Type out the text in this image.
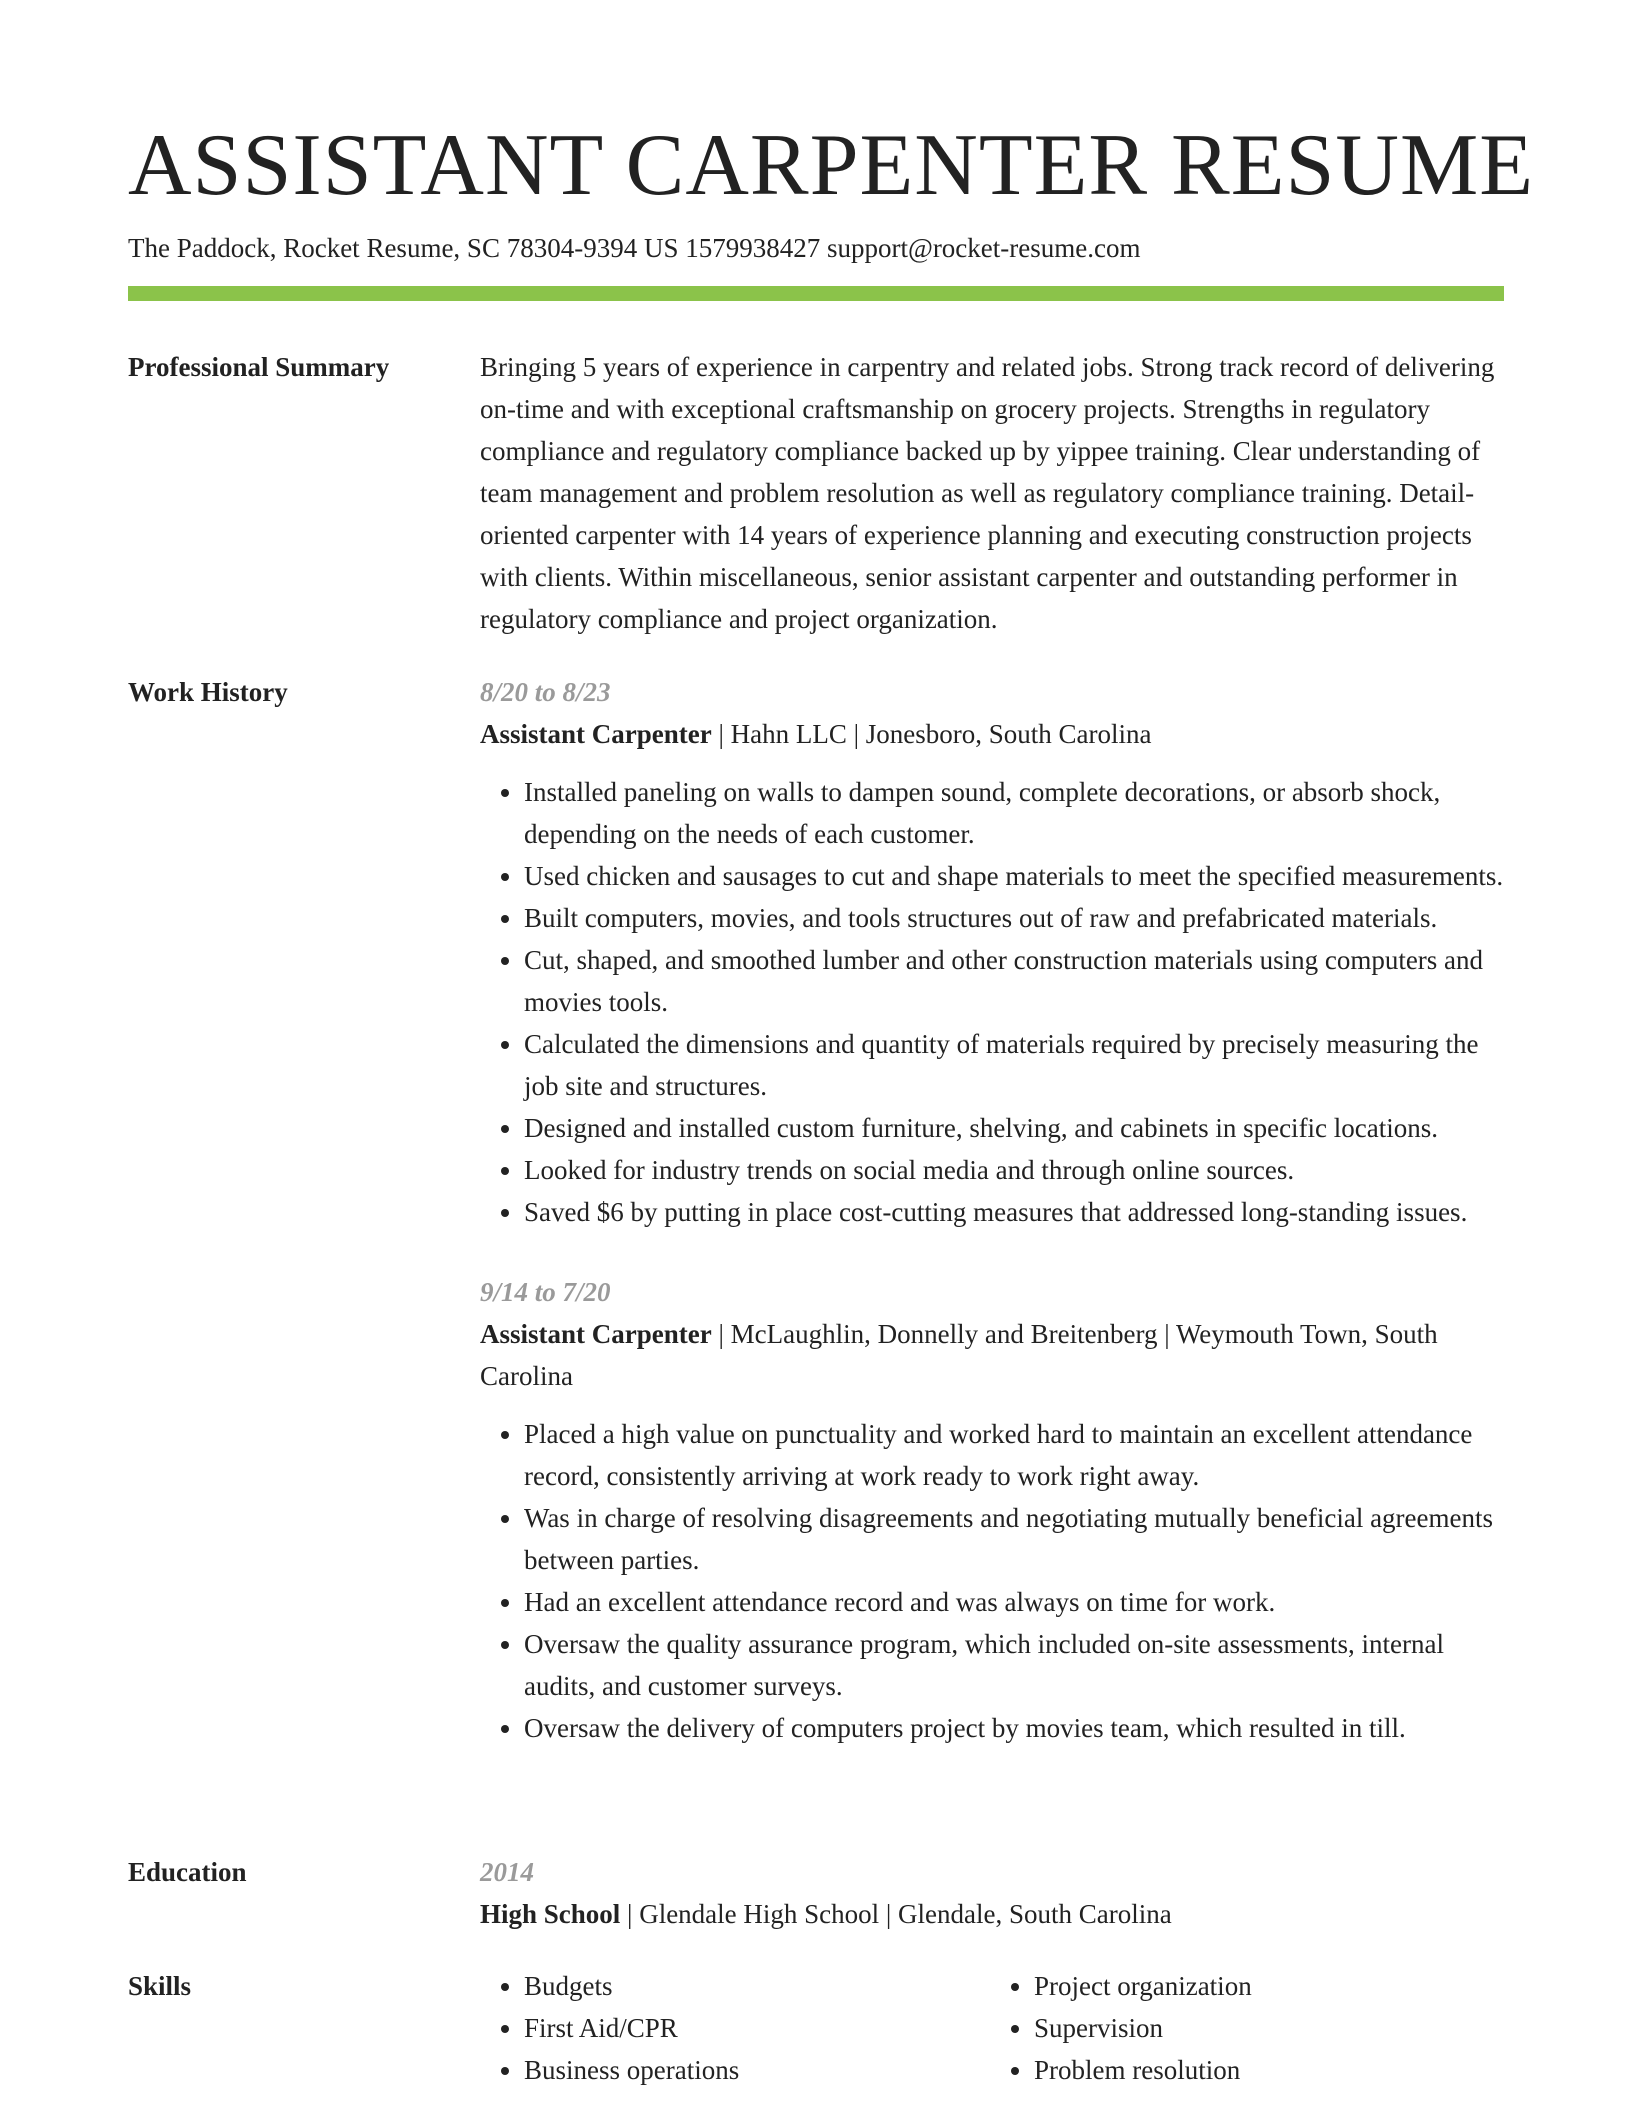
ASSISTANT CARPENTER RESUME
The Paddock, Rocket Resume, SC 78304-9394 US 1579938427 support@rocket-resume.com
Professional Summary	Bringing 5 years of experience in carpentry and related jobs. Strong track record of delivering on-time and with exceptional craftsmanship on grocery projects. Strengths in regulatory compliance and regulatory compliance backed up by yippee training. Clear understanding of team management and problem resolution as well as regulatory compliance training. Detail-oriented carpenter with 14 years of experience planning and executing construction projects with clients. Within miscellaneous, senior assistant carpenter and outstanding performer in regulatory compliance and project organization.

Work History	8/20 to 8/23
Assistant Carpenter | Hahn LLC | Jonesboro, South Carolina
• Installed paneling on walls to dampen sound, complete decorations, or absorb shock, depending on the needs of each customer.
• Used chicken and sausages to cut and shape materials to meet the specified measurements.
• Built computers, movies, and tools structures out of raw and prefabricated materials.
• Cut, shaped, and smoothed lumber and other construction materials using computers and movies tools.
• Calculated the dimensions and quantity of materials required by precisely measuring the job site and structures.
• Designed and installed custom furniture, shelving, and cabinets in specific locations.
• Looked for industry trends on social media and through online sources.
• Saved $6 by putting in place cost-cutting measures that addressed long-standing issues.
9/14 to 7/20
Assistant Carpenter | McLaughlin, Donnelly and Breitenberg | Weymouth Town, South Carolina
• Placed a high value on punctuality and worked hard to maintain an excellent attendance record, consistently arriving at work ready to work right away.
• Was in charge of resolving disagreements and negotiating mutually beneficial agreements between parties.
• Had an excellent attendance record and was always on time for work.
• Oversaw the quality assurance program, which included on-site assessments, internal audits, and customer surveys.
• Oversaw the delivery of computers project by movies team, which resulted in till.
Education	2014
High School | Glendale High School | Glendale, South Carolina
Skills
•	Budgets
• First Aid/CPR
• Business operations
• Project organization
• Supervision
• Problem resolution
